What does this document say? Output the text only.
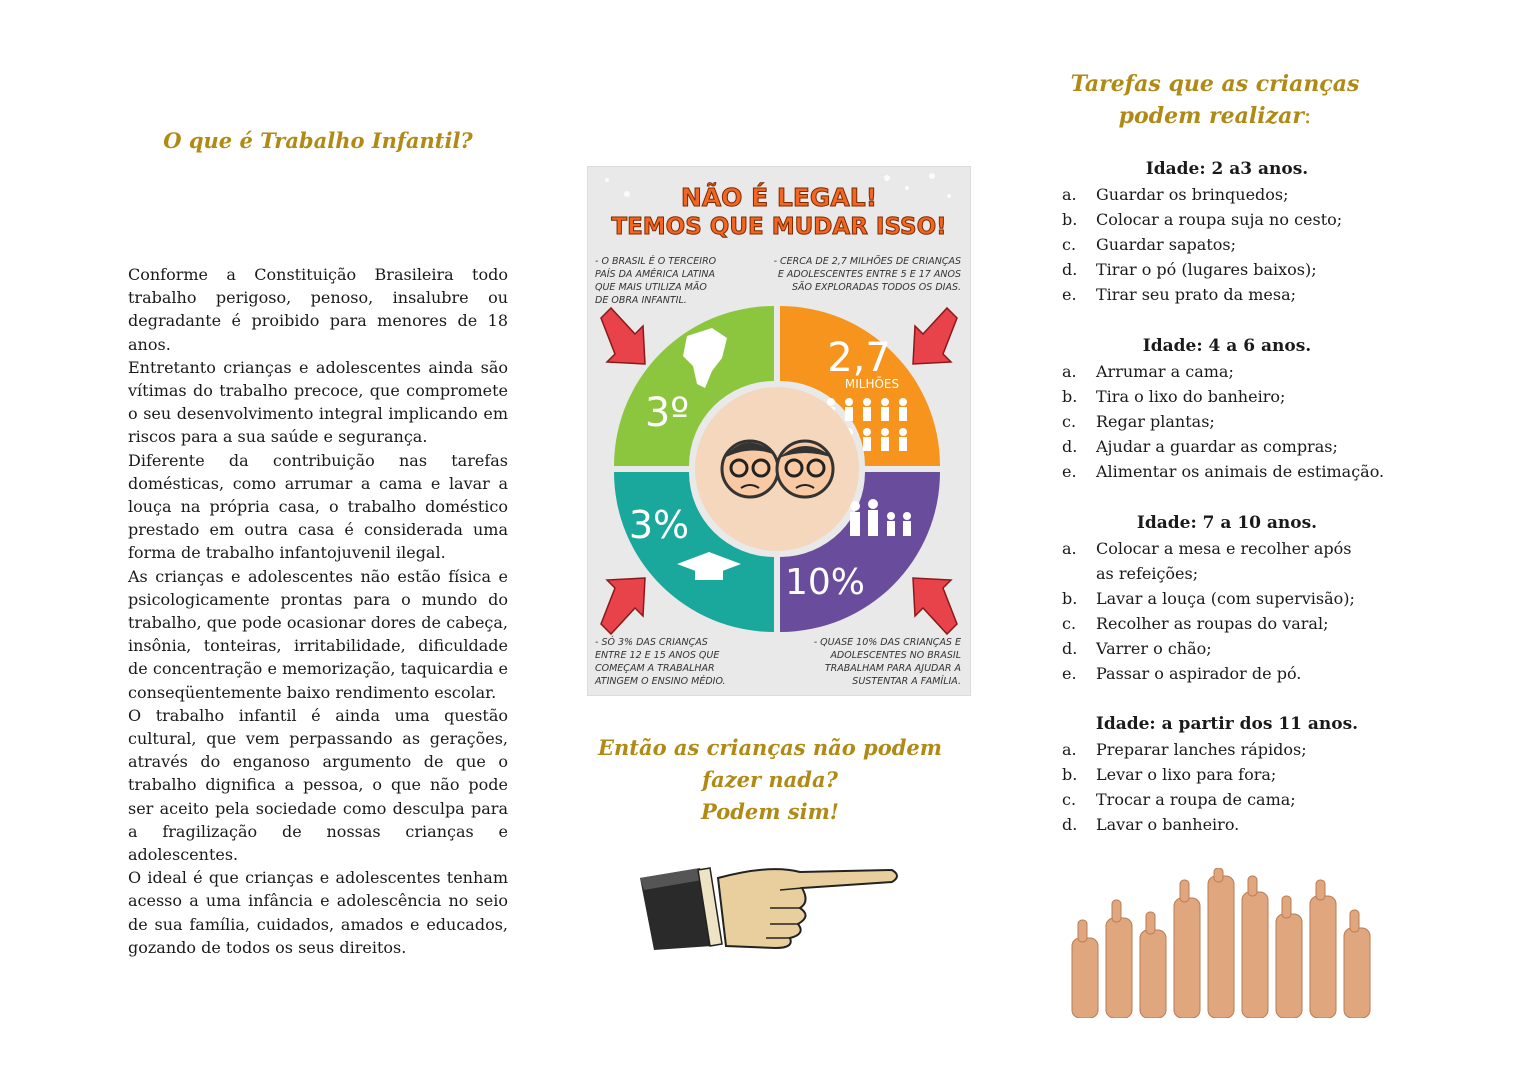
O que é Trabalho Infantil?

Conforme a Constituição Brasileira todo trabalho perigoso, penoso, insalubre ou degradante é proibido para menores de 18 anos.

Entretanto crianças e adolescentes ainda são vítimas do trabalho precoce, que compromete o seu desenvolvimento integral implicando em riscos para a sua saúde e segurança.

Diferente da contribuição nas tarefas domésticas, como arrumar a cama e lavar a louça na própria casa, o trabalho doméstico prestado em outra casa é considerada uma forma de trabalho infantojuvenil ilegal.

As crianças e adolescentes não estão física e psicologicamente prontas para o mundo do trabalho, que pode ocasionar dores de cabeça, insônia, tonteiras, irritabilidade, dificuldade de concentração e memorização, taquicardia e conseqüentemente baixo rendimento escolar.

O trabalho infantil é ainda uma questão cultural, que vem perpassando as gerações, através do enganoso argumento de que o trabalho dignifica a pessoa, o que não pode ser aceito pela sociedade como desculpa para a fragilização de nossas crianças e adolescentes.

O ideal é que crianças e adolescentes tenham acesso a uma infância e adolescência no seio de sua família, cuidados, amados e educados, gozando de todos os seus direitos.

NÃO É LEGAL!
TEMOS QUE MUDAR ISSO!
- O BRASIL É O TERCEIRO
PAÍS DA AMÉRICA LATINA
QUE MAIS UTILIZA MÃO
DE OBRA INFANTIL.
- CERCA DE 2,7 MILHÕES DE CRIANÇAS
E ADOLESCENTES ENTRE 5 E 17 ANOS
SÃO EXPLORADAS TODOS OS DIAS.
- SÓ 3% DAS CRIANÇAS
ENTRE 12 E 15 ANOS QUE
COMEÇAM A TRABALHAR
ATINGEM O ENSINO MÉDIO.
- QUASE 10% DAS CRIANÇAS E
ADOLESCENTES NO BRASIL
TRABALHAM PARA AJUDAR A
SUSTENTAR A FAMÍLIA.
3º
2,7
MILHÕES
3%
10%
Então as crianças não podem
fazer nada?
Podem sim!
Tarefas que as crianças
podem realizar:
Idade: 2 a3 anos.
a.	Guardar os brinquedos;
b.	Colocar a roupa suja no cesto;
c.	Guardar sapatos;
d.	Tirar o pó (lugares baixos);
e.	Tirar seu prato da mesa;
Idade: 4 a 6 anos.
a.	Arrumar a cama;
b.	Tira o lixo do banheiro;
c.	Regar plantas;
d.	Ajudar a guardar as compras;
e.	Alimentar os animais de estimação.
Idade: 7 a 10 anos.
a.	Colocar a mesa e recolher após as refeições;
b.	Lavar a louça (com supervisão);
c.	Recolher as roupas do varal;
d.	Varrer o chão;
e.	Passar o aspirador de pó.
Idade: a partir dos 11 anos.
a.	Preparar lanches rápidos;
b.	Levar o lixo para fora;
c.	Trocar a roupa de cama;
d.	Lavar o banheiro.
